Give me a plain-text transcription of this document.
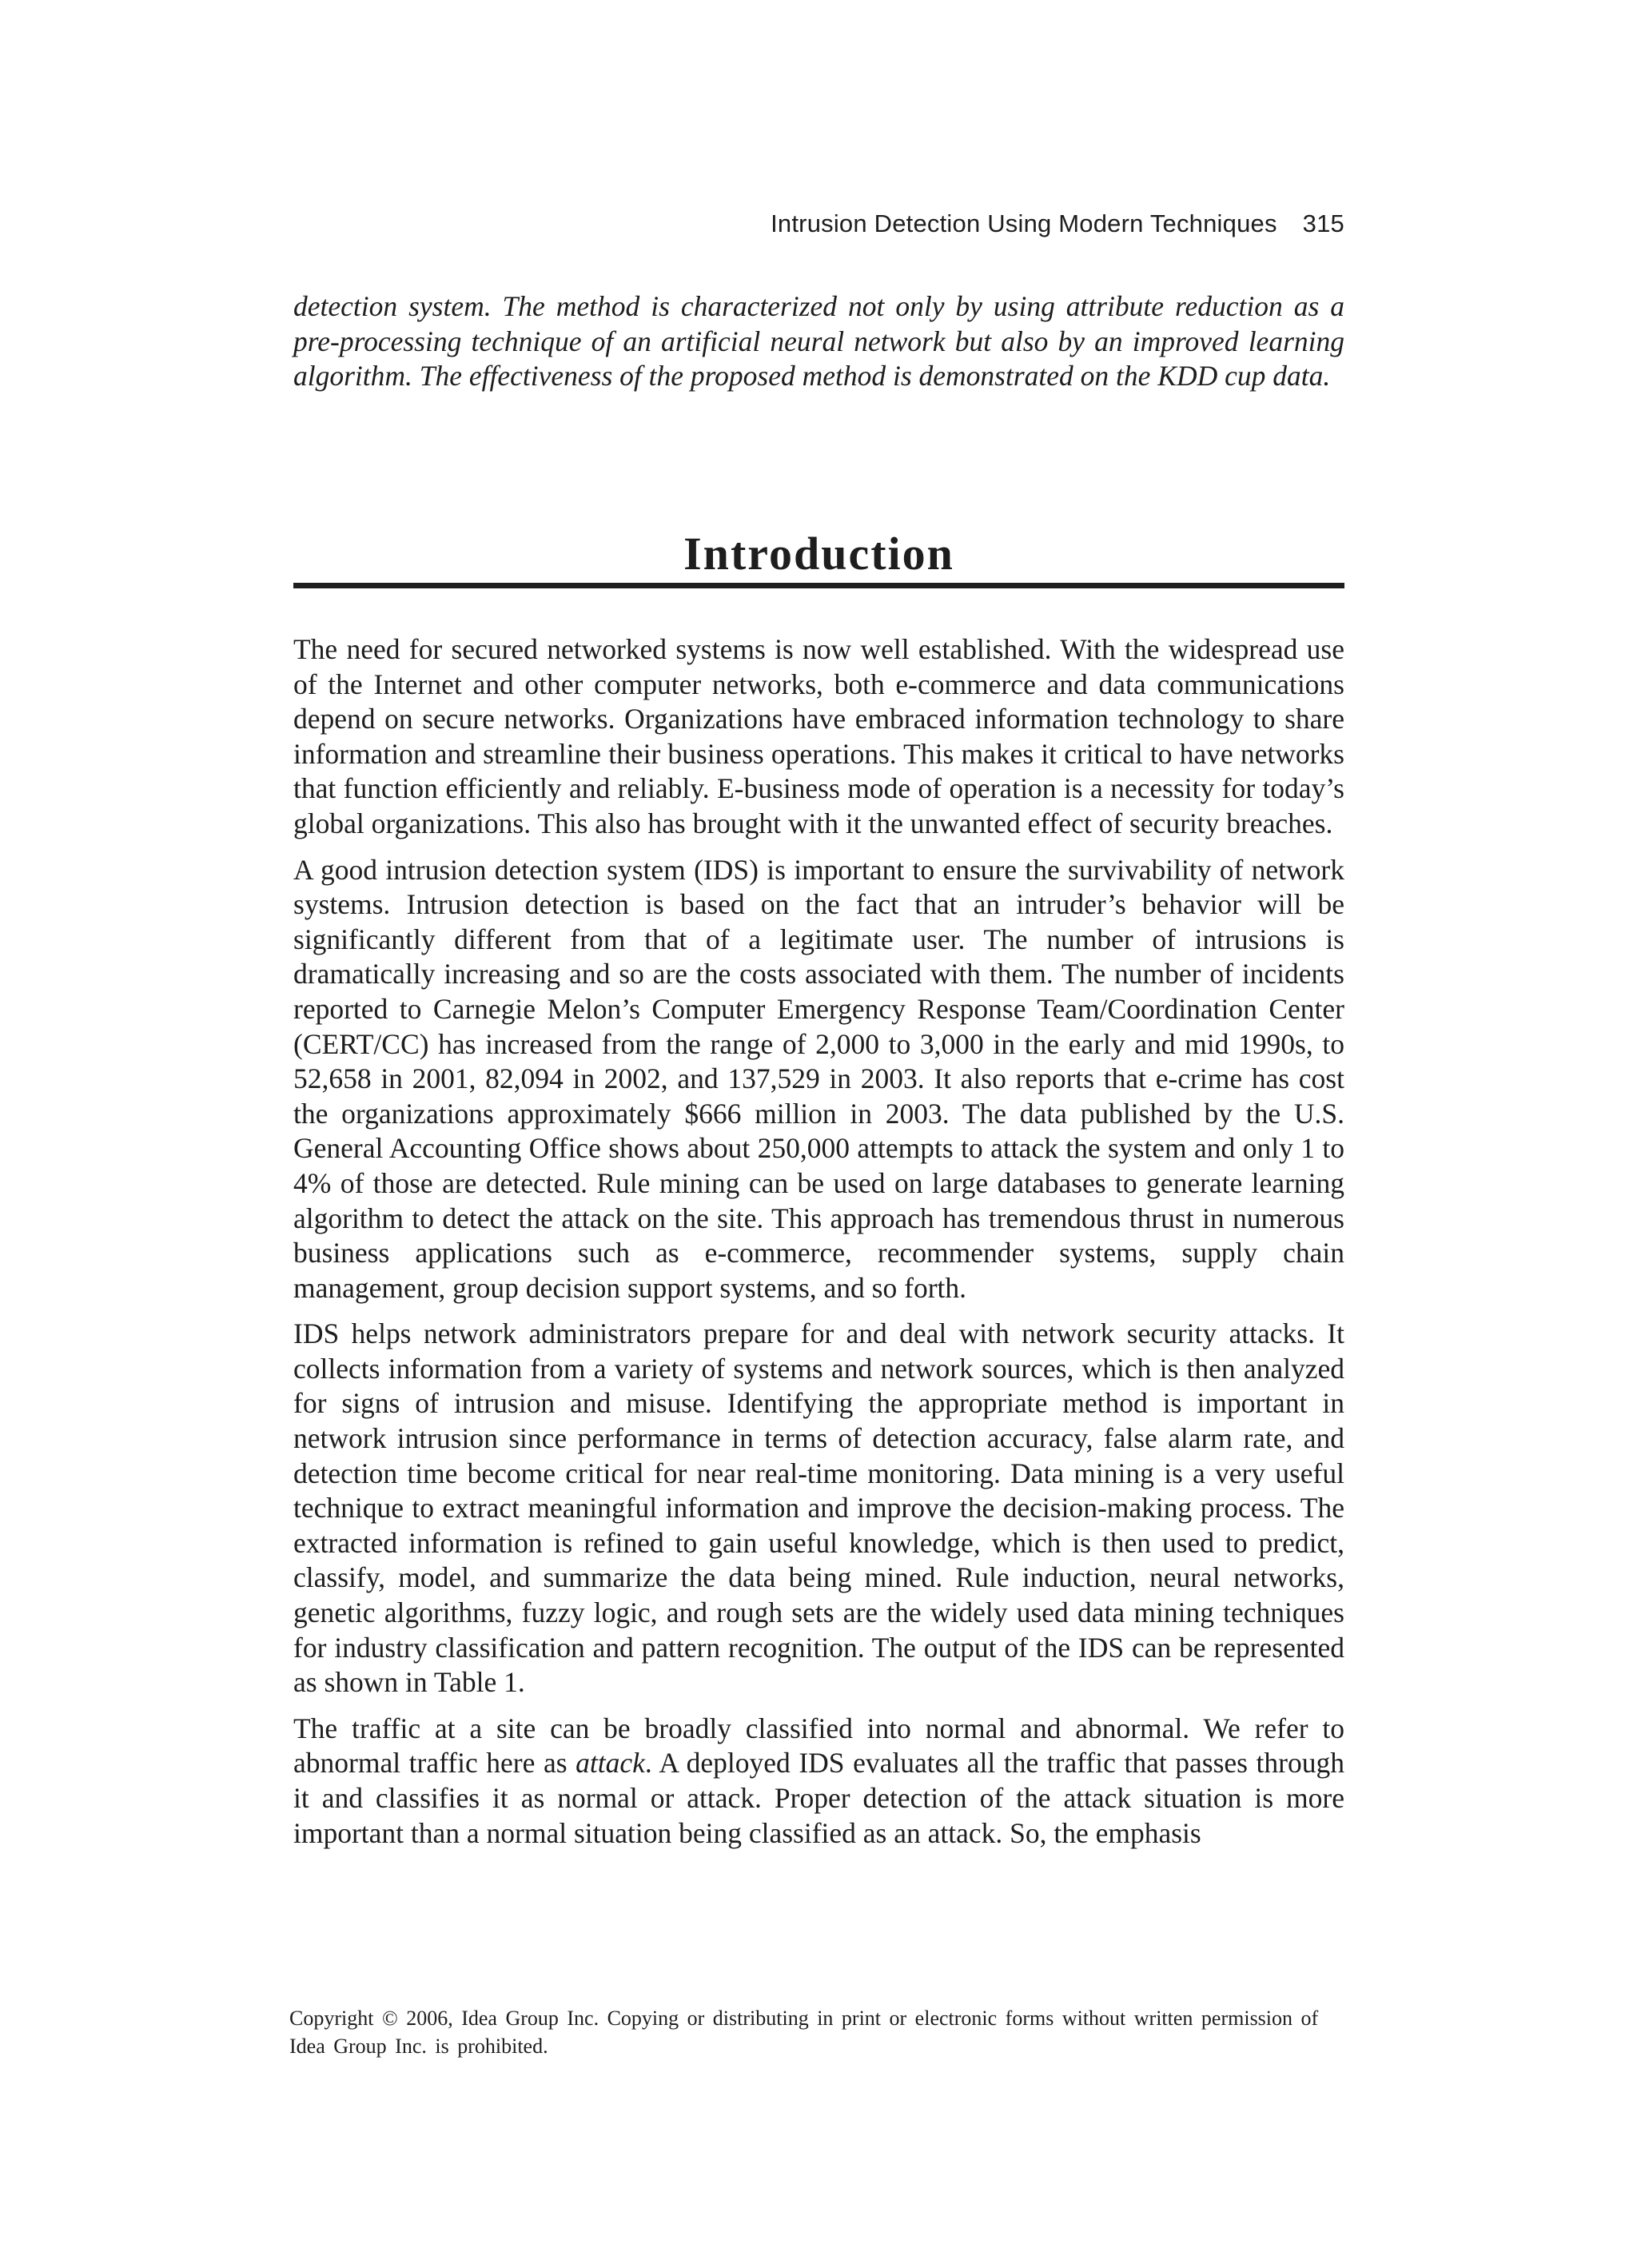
Intrusion Detection Using Modern Techniques 315

detection system. The method is characterized not only by using attribute reduction as a pre-processing technique of an artificial neural network but also by an improved learning algorithm. The effectiveness of the proposed method is demonstrated on the KDD cup data.

Introduction

The need for secured networked systems is now well established. With the widespread use of the Internet and other computer networks, both e-commerce and data communications depend on secure networks. Organizations have embraced information technology to share information and streamline their business operations. This makes it critical to have networks that function efficiently and reliably. E-business mode of operation is a necessity for today’s global organizations. This also has brought with it the unwanted effect of security breaches.

A good intrusion detection system (IDS) is important to ensure the survivability of network systems. Intrusion detection is based on the fact that an intruder’s behavior will be significantly different from that of a legitimate user. The number of intrusions is dramatically increasing and so are the costs associated with them. The number of incidents reported to Carnegie Melon’s Computer Emergency Response Team/Coordination Center (CERT/CC) has increased from the range of 2,000 to 3,000 in the early and mid 1990s, to 52,658 in 2001, 82,094 in 2002, and 137,529 in 2003. It also reports that e-crime has cost the organizations approximately $666 million in 2003. The data published by the U.S. General Accounting Office shows about 250,000 attempts to attack the system and only 1 to 4% of those are detected. Rule mining can be used on large databases to generate learning algorithm to detect the attack on the site. This approach has tremendous thrust in numerous business applications such as e-commerce, recommender systems, supply chain management, group decision support systems, and so forth.

IDS helps network administrators prepare for and deal with network security attacks. It collects information from a variety of systems and network sources, which is then analyzed for signs of intrusion and misuse. Identifying the appropriate method is important in network intrusion since performance in terms of detection accuracy, false alarm rate, and detection time become critical for near real-time monitoring. Data mining is a very useful technique to extract meaningful information and improve the decision-making process. The extracted information is refined to gain useful knowledge, which is then used to predict, classify, model, and summarize the data being mined. Rule induction, neural networks, genetic algorithms, fuzzy logic, and rough sets are the widely used data mining techniques for industry classification and pattern recognition. The output of the IDS can be represented as shown in Table 1.

The traffic at a site can be broadly classified into normal and abnormal. We refer to abnormal traffic here as attack. A deployed IDS evaluates all the traffic that passes through it and classifies it as normal or attack. Proper detection of the attack situation is more important than a normal situation being classified as an attack. So, the emphasis

Copyright © 2006, Idea Group Inc. Copying or distributing in print or electronic forms without written permission of Idea Group Inc. is prohibited.
